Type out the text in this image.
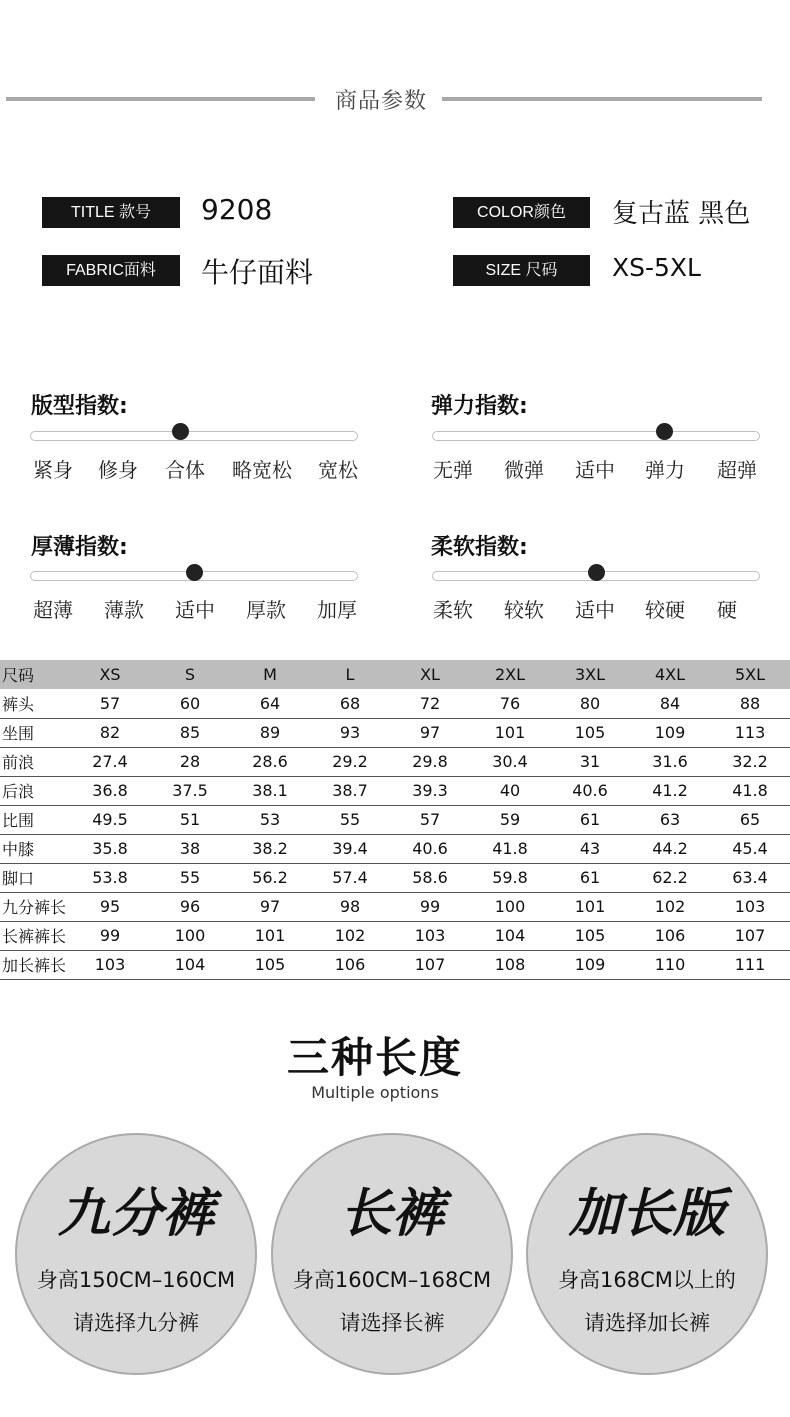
商品参数
TITLE 款号	9208	COLOR颜色	复古蓝 黑色
FABRIC面料	牛仔面料	SIZE 尺码	XS-5XL
版型指数:
紧身	修身	合体	略宽松	宽松
弹力指数:
无弹	微弹	适中	弹力	超弹
厚薄指数:
超薄	薄款	适中	厚款	加厚
柔软指数:
柔软	较软	适中	较硬	硬
尺码	XS	S	M	L	XL	2XL	3XL	4XL	5XL
裤头	57	60	64	68	72	76	80	84	88
坐围	82	85	89	93	97	101	105	109	113
前浪	27.4	28	28.6	29.2	29.8	30.4	31	31.6	32.2
后浪	36.8	37.5	38.1	38.7	39.3	40	40.6	41.2	41.8
比围	49.5	51	53	55	57	59	61	63	65
中膝	35.8	38	38.2	39.4	40.6	41.8	43	44.2	45.4
脚口	53.8	55	56.2	57.4	58.6	59.8	61	62.2	63.4
九分裤长	95	96	97	98	99	100	101	102	103
长裤裤长	99	100	101	102	103	104	105	106	107
加长裤长	103	104	105	106	107	108	109	110	111
三种长度
Multiple options
九分裤
身高150CM–160CM
请选择九分裤
长裤
身高160CM–168CM
请选择长裤
加长版
身高168CM以上的
请选择加长裤
